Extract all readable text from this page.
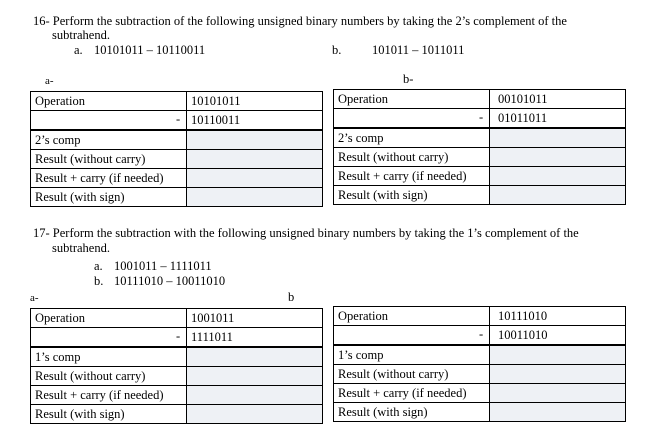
16- Perform the subtraction of the following unsigned binary numbers by taking the 2’s complement of the
subtrahend.
a. 10101011 – 10110011	b. 101011 – 1011011
a-	b-
Operation	10101011

	- 10110011
2’s comp	
Result (without carry)	
Result + carry (if needed)	
Result (with sign)	
Operation	00101011

	- 01011011
2’s comp	
Result (without carry)	
Result + carry (if needed)	
Result (with sign)	
17- Perform the subtraction with the following unsigned binary numbers by taking the 1’s complement of the
subtrahend.
a. 1001011 – 1111011
b. 10111010 – 10011010
a-	b
Operation	1001011

	- 1111011
1’s comp	
Result (without carry)	
Result + carry (if needed)	
Result (with sign)	
Operation	10111010

	- 10011010
1’s comp	
Result (without carry)	
Result + carry (if needed)	
Result (with sign)	
